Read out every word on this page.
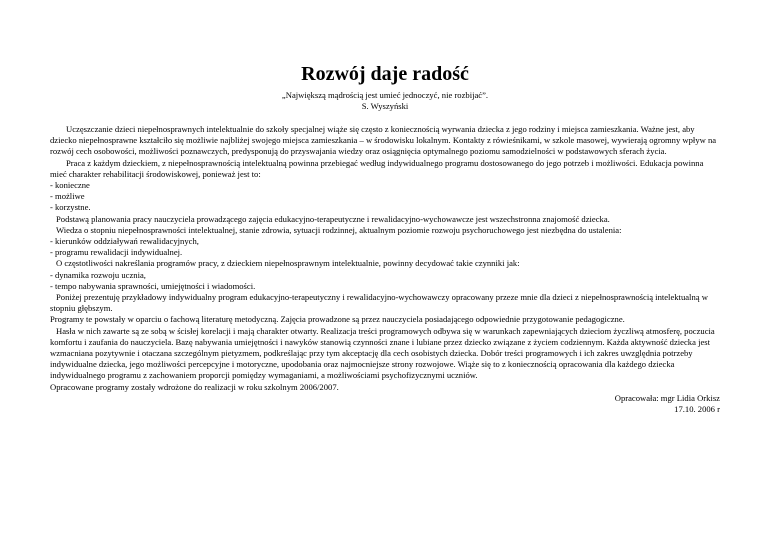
Rozwój daje radość
„Największą mądrością jest umieć jednoczyć, nie rozbijać”.
S. Wyszyński

Uczęszczanie dzieci niepełnosprawnych intelektualnie do szkoły specjalnej wiąże się często z koniecznością wyrwania dziecka z jego rodziny i miejsca zamieszkania. Ważne jest, aby dziecko niepełnosprawne kształciło się możliwie najbliżej swojego miejsca zamieszkania – w środowisku lokalnym. Kontakty z rówieśnikami, w szkole masowej, wywierają ogromny wpływ na rozwój cech osobowości, możliwości poznawczych, predysponują do przyswajania wiedzy oraz osiągnięcia optymalnego poziomu samodzielności w podstawowych sferach życia.

Praca z każdym dzieckiem, z niepełnosprawnością intelektualną powinna przebiegać według indywidualnego programu dostosowanego do jego potrzeb i możliwości. Edukacja powinna mieć charakter rehabilitacji środowiskowej, ponieważ jest to:

- konieczne

- możliwe

- korzystne.

Podstawą planowania pracy nauczyciela prowadzącego zajęcia edukacyjno-terapeutyczne i rewalidacyjno-wychowawcze jest wszechstronna znajomość dziecka.

Wiedza o stopniu niepełnosprawności intelektualnej, stanie zdrowia, sytuacji rodzinnej, aktualnym poziomie rozwoju psychoruchowego jest niezbędna do ustalenia:

- kierunków oddziaływań rewalidacyjnych,

- programu rewalidacji indywidualnej.

O częstotliwości nakreślania programów pracy, z dzieckiem niepełnosprawnym intelektualnie, powinny decydować takie czynniki jak:

- dynamika rozwoju ucznia,

- tempo nabywania sprawności, umiejętności i wiadomości.

Poniżej prezentuję przykładowy indywidualny program edukacyjno-terapeutyczny i rewalidacyjno-wychowawczy opracowany przeze mnie dla dzieci z niepełnosprawnością intelektualną w stopniu głębszym.

Programy te powstały w oparciu o fachową literaturę metodyczną. Zajęcia prowadzone są przez nauczyciela posiadającego odpowiednie przygotowanie pedagogiczne.

Hasła w nich zawarte są ze sobą w ścisłej korelacji i mają charakter otwarty. Realizacja treści programowych odbywa się w warunkach zapewniających dzieciom życzliwą atmosferę, poczucia komfortu i zaufania do nauczyciela. Bazę nabywania umiejętności i nawyków stanowią czynności znane i lubiane przez dziecko związane z życiem codziennym. Każda aktywność dziecka jest wzmacniana pozytywnie i otaczana szczególnym pietyzmem, podkreślając przy tym akceptację dla cech osobistych dziecka. Dobór treści programowych i ich zakres uwzględnia potrzeby indywidualne dziecka, jego możliwości percepcyjne i motoryczne, upodobania oraz najmocniejsze strony rozwojowe. Wiąże się to z koniecznością opracowania dla każdego dziecka indywidualnego programu z zachowaniem proporcji pomiędzy wymaganiami, a możliwościami psychofizycznymi uczniów.

Opracowane programy zostały wdrożone do realizacji w roku szkolnym 2006/2007.

Opracowała: mgr Lidia Orkisz
17.10. 2006 r
